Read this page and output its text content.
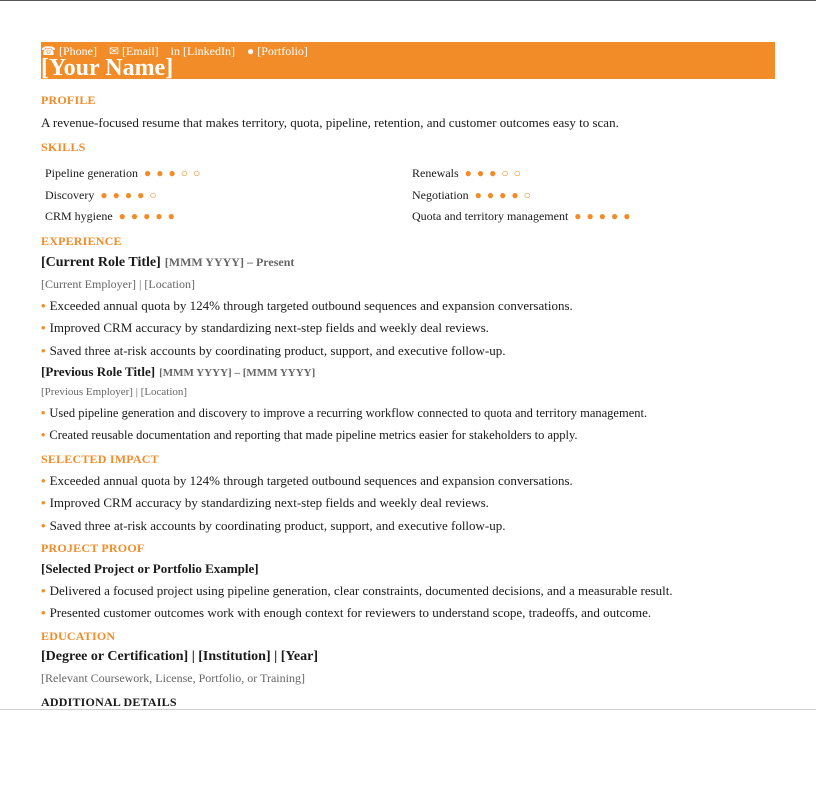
☎ [Phone] ✉ [Email] in [LinkedIn] ● [Portfolio]
[Your Name]
PROFILE
A revenue-focused resume that makes territory, quota, pipeline, retention, and customer outcomes easy to scan.
SKILLS
Pipeline generation ● ● ● ○ ○	Renewals ● ● ● ○ ○
Discovery ● ● ● ● ○	Negotiation ● ● ● ● ○
CRM hygiene ● ● ● ● ●	Quota and territory management ● ● ● ● ●
EXPERIENCE
[Current Role Title] [MMM YYYY] – Present
[Current Employer] | [Location]
• Exceeded annual quota by 124% through targeted outbound sequences and expansion conversations.
• Improved CRM accuracy by standardizing next-step fields and weekly deal reviews.
• Saved three at-risk accounts by coordinating product, support, and executive follow-up.
[Previous Role Title] [MMM YYYY] – [MMM YYYY]
[Previous Employer] | [Location]
• Used pipeline generation and discovery to improve a recurring workflow connected to quota and territory management.
• Created reusable documentation and reporting that made pipeline metrics easier for stakeholders to apply.
SELECTED IMPACT
• Exceeded annual quota by 124% through targeted outbound sequences and expansion conversations.
• Improved CRM accuracy by standardizing next-step fields and weekly deal reviews.
• Saved three at-risk accounts by coordinating product, support, and executive follow-up.
PROJECT PROOF
[Selected Project or Portfolio Example]
• Delivered a focused project using pipeline generation, clear constraints, documented decisions, and a measurable result.
• Presented customer outcomes work with enough context for reviewers to understand scope, tradeoffs, and outcome.
EDUCATION
[Degree or Certification] | [Institution] | [Year]
[Relevant Coursework, License, Portfolio, or Training]
ADDITIONAL DETAILS
